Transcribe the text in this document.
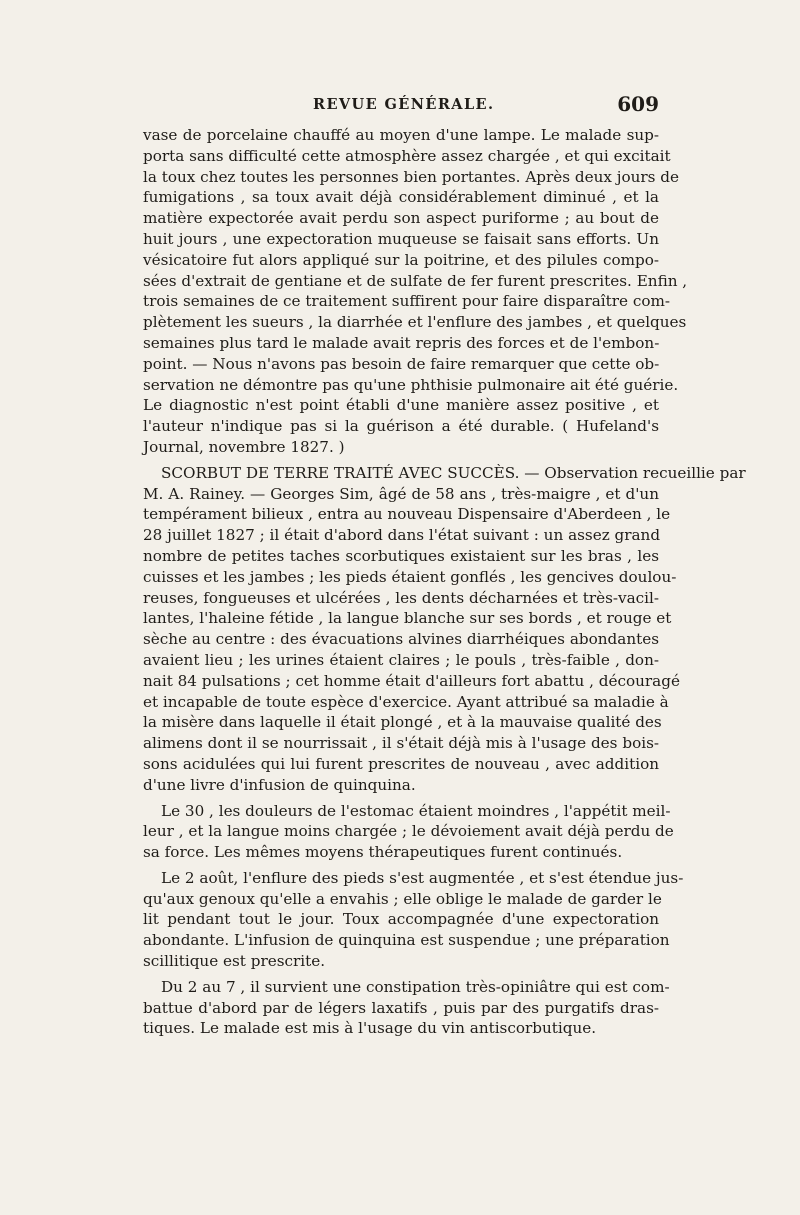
REVUE GÉNÉRALE.	609

vase de porcelaine chauffé au moyen d'une lampe. Le malade sup-
porta sans difficulté cette atmosphère assez chargée , et qui excitait
la toux chez toutes les personnes bien portantes. Après deux jours de
fumigations , sa toux avait déjà considérablement diminué , et la
matière expectorée avait perdu son aspect puriforme ; au bout de
huit jours , une expectoration muqueuse se faisait sans efforts. Un
vésicatoire fut alors appliqué sur la poitrine, et des pilules compo-
sées d'extrait de gentiane et de sulfate de fer furent prescrites. Enfin ,
trois semaines de ce traitement suffirent pour faire disparaître com-
plètement les sueurs , la diarrhée et l'enflure des jambes , et quelques
semaines plus tard le malade avait repris des forces et de l'embon-
point. — Nous n'avons pas besoin de faire remarquer que cette ob-
servation ne démontre pas qu'une phthisie pulmonaire ait été guérie.
Le diagnostic n'est point établi d'une manière assez positive , et
l'auteur n'indique pas si la guérison a été durable. ( Hufeland's
Journal, novembre 1827. )

SCORBUT DE TERRE TRAITÉ AVEC SUCCÈS. — Observation recueillie par
M. A. Rainey. — Georges Sim, âgé de 58 ans , très-maigre , et d'un
tempérament bilieux , entra au nouveau Dispensaire d'Aberdeen , le
28 juillet 1827 ; il était d'abord dans l'état suivant : un assez grand
nombre de petites taches scorbutiques existaient sur les bras , les
cuisses et les jambes ; les pieds étaient gonflés , les gencives doulou-
reuses, fongueuses et ulcérées , les dents décharnées et très-vacil-
lantes, l'haleine fétide , la langue blanche sur ses bords , et rouge et
sèche au centre : des évacuations alvines diarrhéiques abondantes
avaient lieu ; les urines étaient claires ; le pouls , très-faible , don-
nait 84 pulsations ; cet homme était d'ailleurs fort abattu , découragé
et incapable de toute espèce d'exercice. Ayant attribué sa maladie à
la misère dans laquelle il était plongé , et à la mauvaise qualité des
alimens dont il se nourrissait , il s'était déjà mis à l'usage des bois-
sons acidulées qui lui furent prescrites de nouveau , avec addition
d'une livre d'infusion de quinquina.

Le 30 , les douleurs de l'estomac étaient moindres , l'appétit meil-
leur , et la langue moins chargée ; le dévoiement avait déjà perdu de
sa force. Les mêmes moyens thérapeutiques furent continués.

Le 2 août, l'enflure des pieds s'est augmentée , et s'est étendue jus-
qu'aux genoux qu'elle a envahis ; elle oblige le malade de garder le
lit pendant tout le jour. Toux accompagnée d'une expectoration
abondante. L'infusion de quinquina est suspendue ; une préparation
scillitique est prescrite.

Du 2 au 7 , il survient une constipation très-opiniâtre qui est com-
battue d'abord par de légers laxatifs , puis par des purgatifs dras-
tiques. Le malade est mis à l'usage du vin antiscorbutique.
